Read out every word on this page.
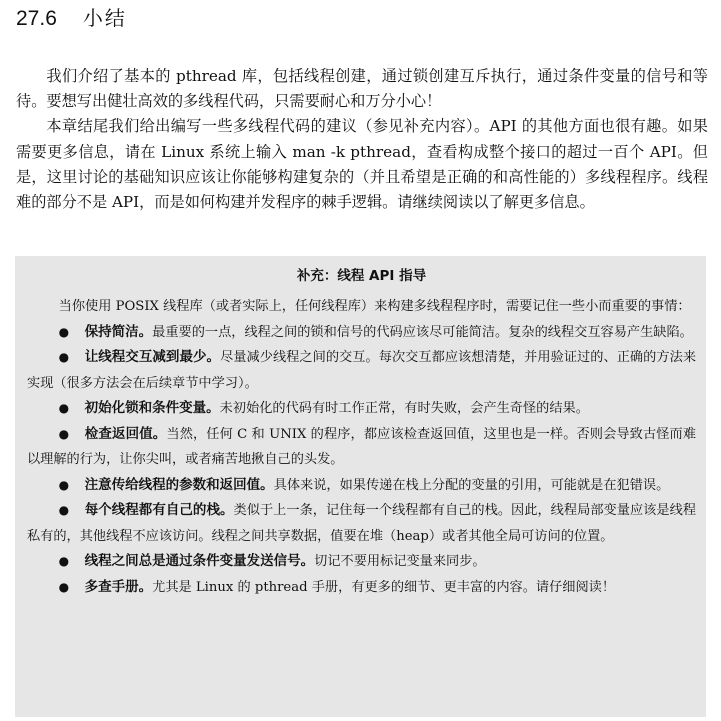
27.6 小结

我们介绍了基本的 pthread 库，包括线程创建，通过锁创建互斥执行，通过条件变量的信号和等待。要想写出健壮高效的多线程代码，只需要耐心和万分小心！

本章结尾我们给出编写一些多线程代码的建议（参见补充内容）。API 的其他方面也很有趣。如果需要更多信息，请在 Linux 系统上输入 man -k pthread，查看构成整个接口的超过一百个 API。但是，这里讨论的基础知识应该让你能够构建复杂的（并且希望是正确的和高性能的）多线程程序。线程难的部分不是 API，而是如何构建并发程序的棘手逻辑。请继续阅读以了解更多信息。

补充：线程 API 指导

当你使用 POSIX 线程库（或者实际上，任何线程库）来构建多线程程序时，需要记住一些小而重要的事情：

● 保持简洁。最重要的一点，线程之间的锁和信号的代码应该尽可能简洁。复杂的线程交互容易产生缺陷。

● 让线程交互减到最少。尽量减少线程之间的交互。每次交互都应该想清楚，并用验证过的、正确的方法来实现（很多方法会在后续章节中学习）。

● 初始化锁和条件变量。未初始化的代码有时工作正常，有时失败，会产生奇怪的结果。

● 检查返回值。当然，任何 C 和 UNIX 的程序，都应该检查返回值，这里也是一样。否则会导致古怪而难以理解的行为，让你尖叫，或者痛苦地揪自己的头发。

● 注意传给线程的参数和返回值。具体来说，如果传递在栈上分配的变量的引用，可能就是在犯错误。

● 每个线程都有自己的栈。类似于上一条，记住每一个线程都有自己的栈。因此，线程局部变量应该是线程私有的，其他线程不应该访问。线程之间共享数据，值要在堆（heap）或者其他全局可访问的位置。

● 线程之间总是通过条件变量发送信号。切记不要用标记变量来同步。

● 多查手册。尤其是 Linux 的 pthread 手册，有更多的细节、更丰富的内容。请仔细阅读！
